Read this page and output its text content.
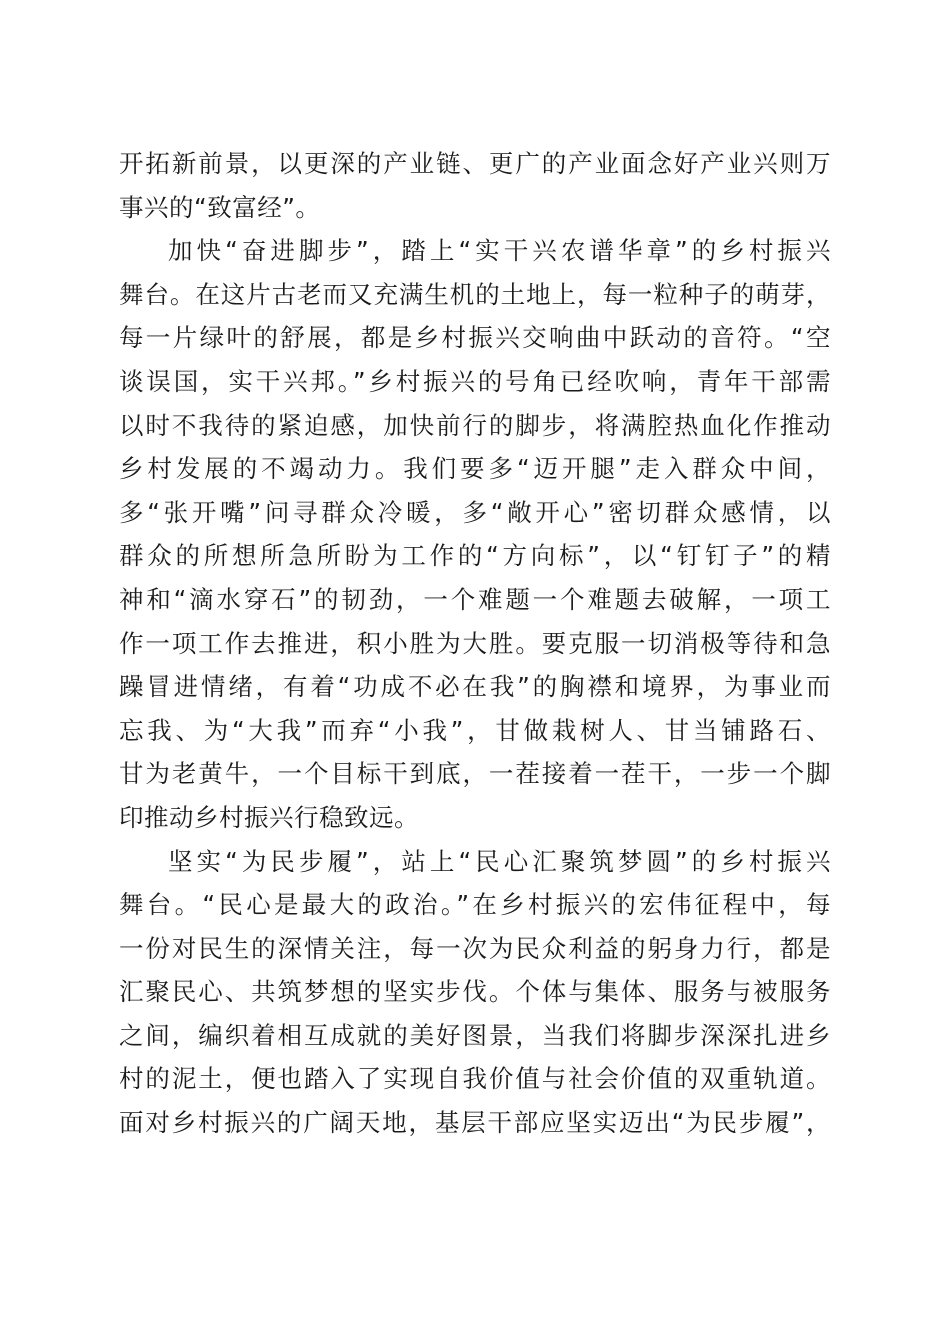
开拓新前景，以更深的产业链、更广的产业面念好产业兴则万
事兴的“致富经”。
加快“奋进脚步”，踏上“实干兴农谱华章”的乡村振兴
舞台。在这片古老而又充满生机的土地上，每一粒种子的萌芽，
每一片绿叶的舒展，都是乡村振兴交响曲中跃动的音符。“空
谈误国，实干兴邦。”乡村振兴的号角已经吹响，青年干部需
以时不我待的紧迫感，加快前行的脚步，将满腔热血化作推动
乡村发展的不竭动力。我们要多“迈开腿”走入群众中间，
多“张开嘴”问寻群众冷暖，多“敞开心”密切群众感情，以
群众的所想所急所盼为工作的“方向标”，以“钉钉子”的精
神和“滴水穿石”的韧劲，一个难题一个难题去破解，一项工
作一项工作去推进，积小胜为大胜。要克服一切消极等待和急
躁冒进情绪，有着“功成不必在我”的胸襟和境界，为事业而
忘我、为“大我”而弃“小我”，甘做栽树人、甘当铺路石、
甘为老黄牛，一个目标干到底，一茬接着一茬干，一步一个脚
印推动乡村振兴行稳致远。
坚实“为民步履”，站上“民心汇聚筑梦圆”的乡村振兴
舞台。“民心是最大的政治。”在乡村振兴的宏伟征程中，每
一份对民生的深情关注，每一次为民众利益的躬身力行，都是
汇聚民心、共筑梦想的坚实步伐。个体与集体、服务与被服务
之间，编织着相互成就的美好图景，当我们将脚步深深扎进乡
村的泥土，便也踏入了实现自我价值与社会价值的双重轨道。
面对乡村振兴的广阔天地，基层干部应坚实迈出“为民步履”，
